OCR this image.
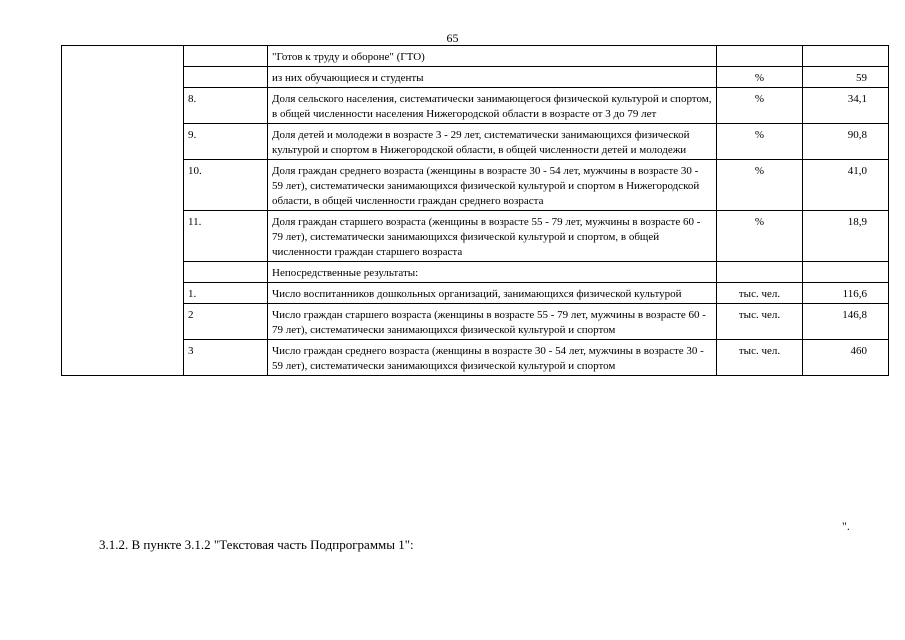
65
		"Готов к труду и обороне" (ГТО)		
		из них обучающиеся и студенты	%	59
	8.	Доля сельского населения, систематически занимающегося физической культурой и спортом, в общей численности населения Нижегородской области в возрасте от 3 до 79 лет	%	34,1
	9.	Доля детей и молодежи в возрасте 3 - 29 лет, систематически занимающихся физической культурой и спортом в Нижегородской области, в общей численности детей и молодежи	%	90,8
	10.	Доля граждан среднего возраста (женщины в возрасте 30 - 54 лет, мужчины в возрасте 30 - 59 лет), систематически занимающихся физической культурой и спортом в Нижегородской области, в общей численности граждан среднего возраста	%	41,0
	11.	Доля граждан старшего возраста (женщины в возрасте 55 - 79 лет, мужчины в возрасте 60 - 79 лет), систематически занимающихся физической культурой и спортом, в общей численности граждан старшего возраста	%	18,9
		Непосредственные результаты:		
	1.	Число воспитанников дошкольных организаций, занимающихся физической культурой	тыс. чел.	116,6
	2	Число граждан старшего возраста (женщины в возрасте 55 - 79 лет, мужчины в возрасте 60 - 79 лет), систематически занимающихся физической культурой и спортом	тыс. чел.	146,8
	3	Число граждан среднего возраста (женщины в возрасте 30 - 54 лет, мужчины в возрасте 30 - 59 лет), систематически занимающихся физической культурой и спортом	тыс. чел.	460
".
3.1.2. В пункте 3.1.2 "Текстовая часть Подпрограммы 1":
